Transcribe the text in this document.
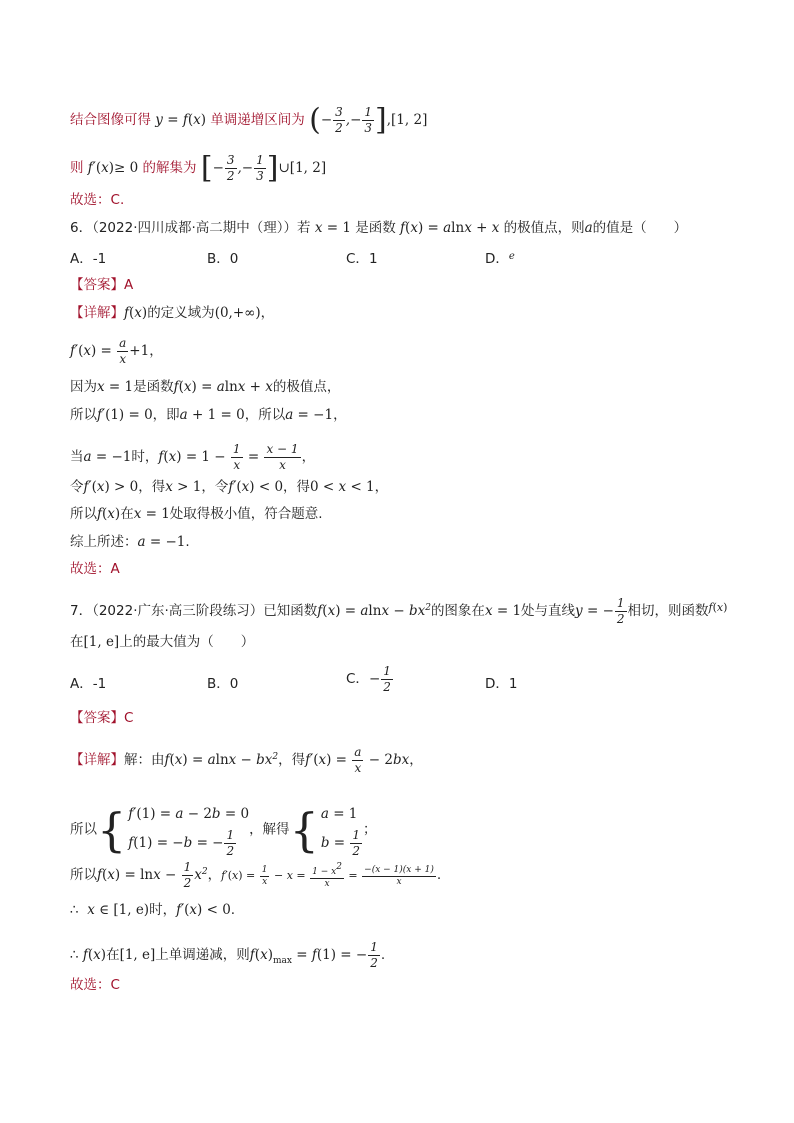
结合图像可得 y = f(x) 单调递增区间为 (− $\frac{3}{2}$ ,− $\frac{1}{3} ],[1$, 2]
则 f′(x)≥ 0 的解集为 [− $\frac{3}{2}$ ,− $\frac{1}{3}$ ]∪[1, 2]
故选：C.
6．（2022·四川成都·高二期中（理））若 x = 1 是函数 f(x) = alnx + x 的极值点，则a的值是（　　）
A．-1	B．0	C．1	D．$^e$
【答案】A
【详解】f(x)的定义域为(0,+∞)，
$f'(x) = \frac{a}{x} +1$，
因为x = 1是函数f(x) = alnx + x的极值点，
所以f′(1) = 0，即a + 1 = 0，所以a = −1，
当a = −1时，$f(x) = 1 - \frac{1}{x} = \frac{x - 1}{x}$ ，
令f′(x) > 0，得x > 1，令f′(x) < 0，得0 < x < 1，
所以f(x)在x = 1处取得极小值，符合题意.
综上所述：a = −1.
故选：A
7．（2022·广东·高三阶段练习）已知函数$f(x) = alnx - bx^2$的图象在x = 1处与直线y = − $\frac{1}{2}$ 相切，则函数$^{f(x)}$
在[1, e]上的最大值为（　　）
A．-1	B．0	C．− $\frac{1}{2}$	D．1
【答案】C
【详解】解：由$f(x) = alnx - bx^2$，得$f'(x) = \frac{a}{x} - 2bx$，
所以 { f′(1) = a − 2b = 0
f(1) = −b = − $\frac{1}{2}$ ，解得 { a = 1
$b = \frac{1}{2}$ ；
所以$f(x) = \ln x - \frac{1}{2} x^2$，$f'(x) = \frac{1}{x} - x = \frac{1 - x2}{x} = \frac{-(x - 1)(x + 1)}{x}$ .
∴ x ∈ [1, e)时，f′(x) < 0.
∴ f(x)在[1, e]上单调递减，则$f(x)_{max} = f(1)$ = − $\frac{1}{2}$ .
故选：C
